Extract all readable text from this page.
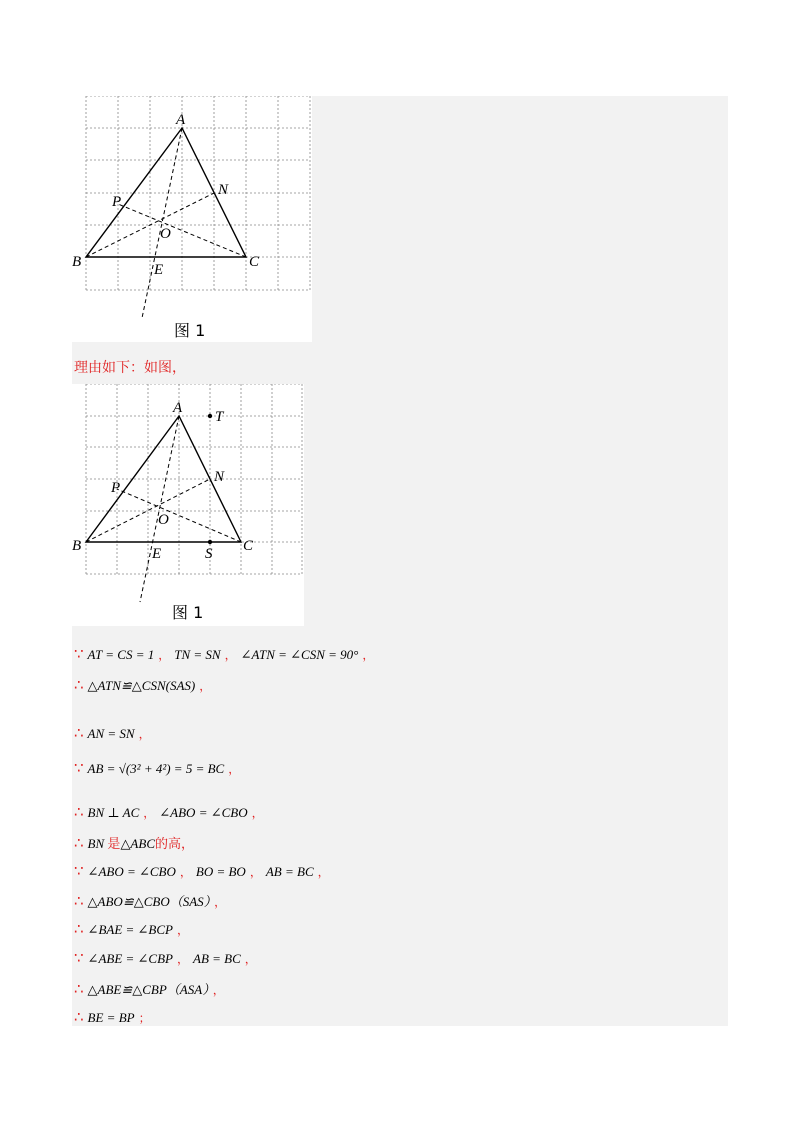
A
B	C
N
P
O
E
图 1
理由如下：如图，
A
T
B	C
N
P
O
E	S
图 1
∵ AT = CS = 1 ， TN = SN ， ∠ATN = ∠CSN = 90° ，
∴ △ATN≌△CSN(SAS) ，
∴ AN = SN ，
∵ AB = √(3² + 4²) = 5 = BC ，
∴ BN ⊥ AC ， ∠ABO = ∠CBO ，
∴ BN 是△ABC的高，
∵ ∠ABO = ∠CBO ， BO = BO ， AB = BC ，
∴ △ABO≌△CBO（SAS） ，
∴ ∠BAE = ∠BCP ，
∵ ∠ABE = ∠CBP ， AB = BC ，
∴ △ABE≌△CBP（ASA） ，
∴ BE = BP ；
